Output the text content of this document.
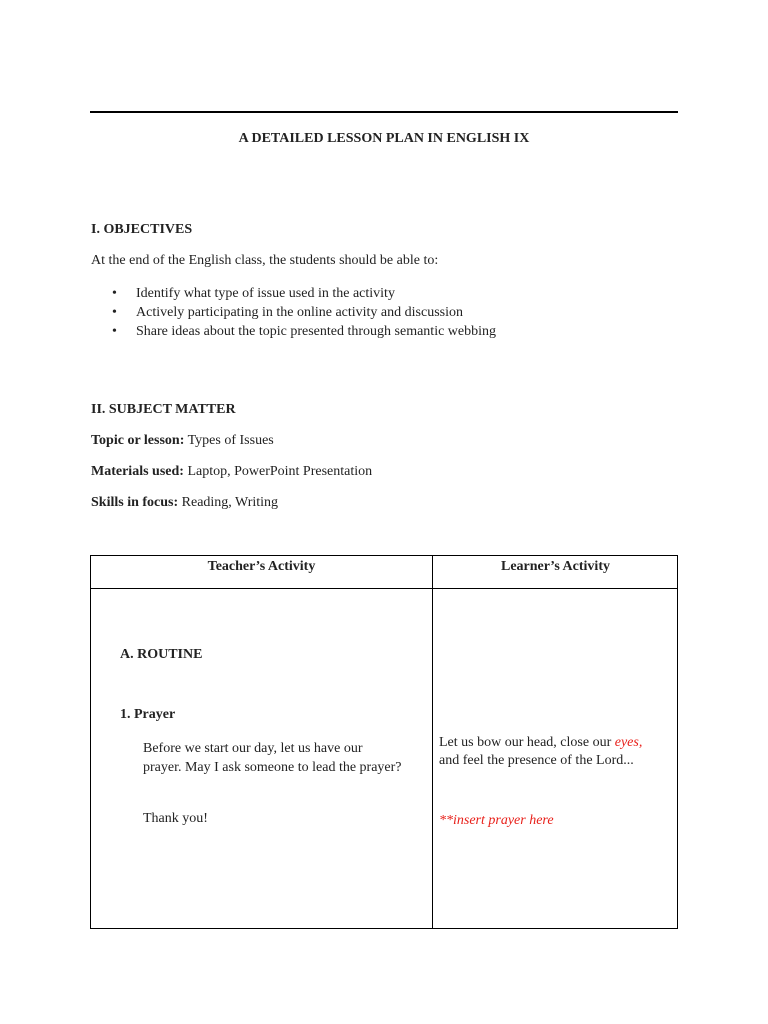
A DETAILED LESSON PLAN IN ENGLISH IX
I. OBJECTIVES
At the end of the English class, the students should be able to:
• Identify what type of issue used in the activity
• Actively participating in the online activity and discussion
• Share ideas about the topic presented through semantic webbing
II. SUBJECT MATTER
Topic or lesson: Types of Issues
Materials used: Laptop, PowerPoint Presentation
Skills in focus: Reading, Writing
Teacher’s Activity	Learner’s Activity
A. ROUTINE
1. Prayer
Before we start our day, let us have our
prayer. May I ask someone to lead the prayer?
Thank you!
Let us bow our head, close our eyes,
and feel the presence of the Lord...
**insert prayer here
